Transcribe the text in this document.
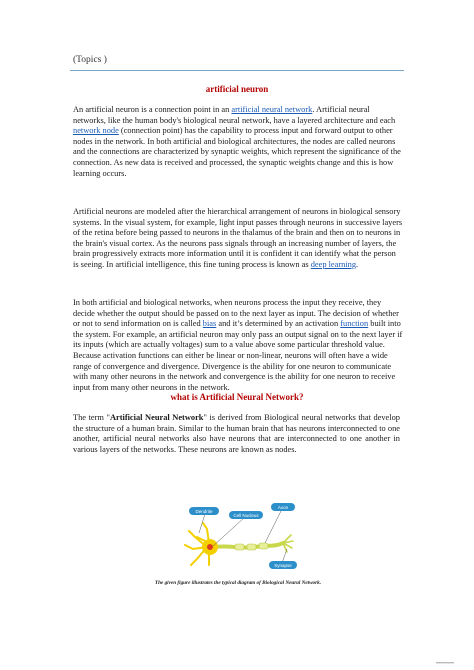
(Topics )
artificial neuron

An artificial neuron is a connection point in an artificial neural network. Artificial neural networks, like the human body's biological neural network, have a layered architecture and each network node (connection point) has the capability to process input and forward output to other nodes in the network. In both artificial and biological architectures, the nodes are called neurons and the connections are characterized by synaptic weights, which represent the significance of the connection. As new data is received and processed, the synaptic weights change and this is how learning occurs.

Artificial neurons are modeled after the hierarchical arrangement of neurons in biological sensory systems. In the visual system, for example, light input passes through neurons in successive layers of the retina before being passed to neurons in the thalamus of the brain and then on to neurons in the brain's visual cortex. As the neurons pass signals through an increasing number of layers, the brain progressively extracts more information until it is confident it can identify what the person is seeing. In artificial intelligence, this fine tuning process is known as deep learning.

In both artificial and biological networks, when neurons process the input they receive, they decide whether the output should be passed on to the next layer as input. The decision of whether or not to send information on is called bias and it’s determined by an activation function built into the system. For example, an artificial neuron may only pass an output signal on to the next layer if its inputs (which are actually voltages) sum to a value above some particular threshold value. Because activation functions can either be linear or non-linear, neurons will often have a wide range of convergence and divergence. Divergence is the ability for one neuron to communicate with many other neurons in the network and convergence is the ability for one neuron to receive input from many other neurons in the network.

what is Artificial Neural Network?

The term "Artificial Neural Network" is derived from Biological neural networks that develop the structure of a human brain. Similar to the human brain that has neurons interconnected to one another, artificial neural networks also have neurons that are interconnected to one another in various layers of the networks. These neurons are known as nodes.

Dendrite
Cell Nucleus
Axon
Synapse
The given figure illustrates the typical diagram of Biological Neural Network.
